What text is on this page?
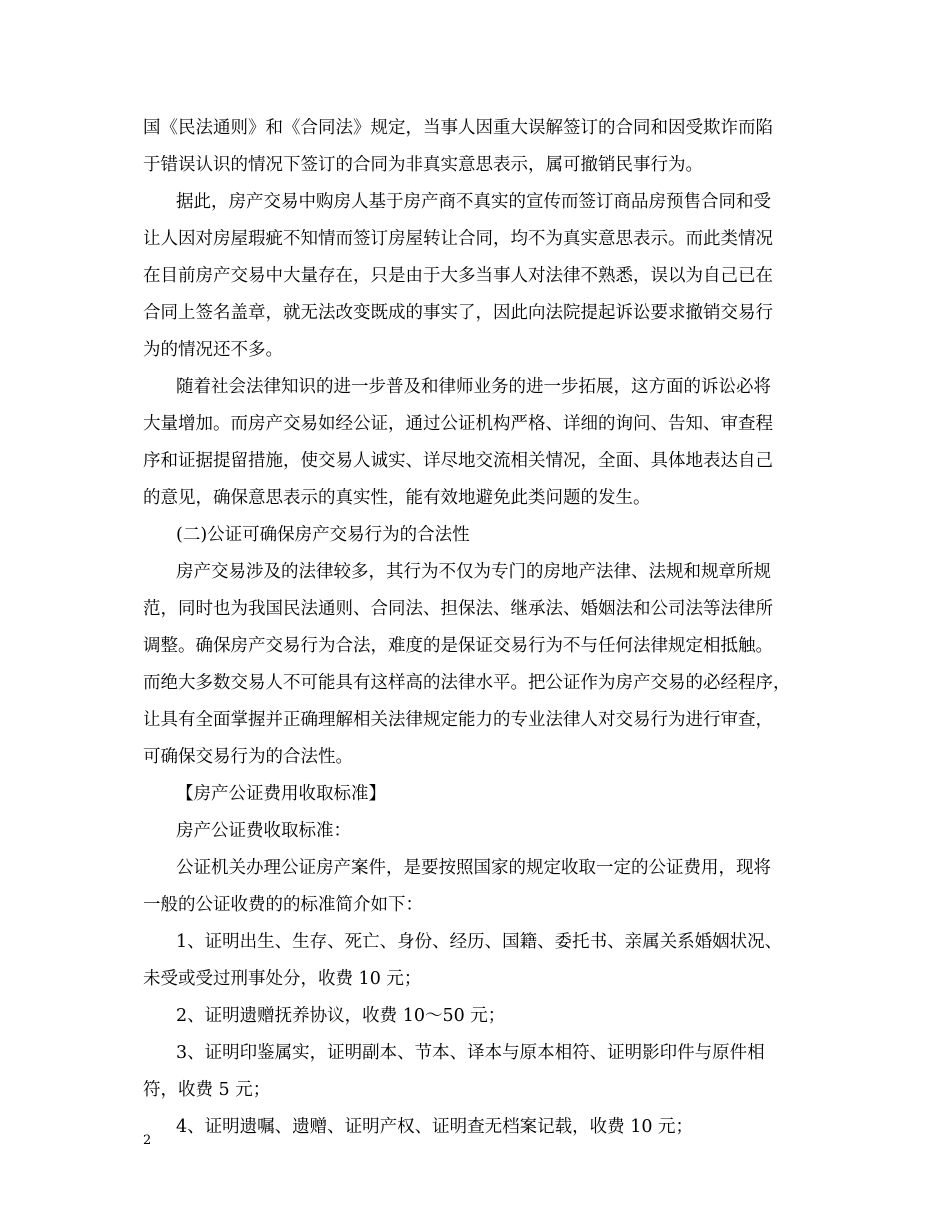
国《民法通则》和《合同法》规定，当事人因重大误解签订的合同和因受欺诈而陷
于错误认识的情况下签订的合同为非真实意思表示，属可撤销民事行为。
据此，房产交易中购房人基于房产商不真实的宣传而签订商品房预售合同和受
让人因对房屋瑕疵不知情而签订房屋转让合同，均不为真实意思表示。而此类情况
在目前房产交易中大量存在，只是由于大多当事人对法律不熟悉，误以为自己已在
合同上签名盖章，就无法改变既成的事实了，因此向法院提起诉讼要求撤销交易行
为的情况还不多。
随着社会法律知识的进一步普及和律师业务的进一步拓展，这方面的诉讼必将
大量增加。而房产交易如经公证，通过公证机构严格、详细的询问、告知、审查程
序和证据提留措施，使交易人诚实、详尽地交流相关情况，全面、具体地表达自己
的意见，确保意思表示的真实性，能有效地避免此类问题的发生。
(二)公证可确保房产交易行为的合法性
房产交易涉及的法律较多，其行为不仅为专门的房地产法律、法规和规章所规
范，同时也为我国民法通则、合同法、担保法、继承法、婚姻法和公司法等法律所
调整。确保房产交易行为合法，难度的是保证交易行为不与任何法律规定相抵触。
而绝大多数交易人不可能具有这样高的法律水平。把公证作为房产交易的必经程序，
让具有全面掌握并正确理解相关法律规定能力的专业法律人对交易行为进行审查，
可确保交易行为的合法性。
【房产公证费用收取标准】
房产公证费收取标准：
公证机关办理公证房产案件，是要按照国家的规定收取一定的公证费用，现将
一般的公证收费的的标准简介如下：
1、证明出生、生存、死亡、身份、经历、国籍、委托书、亲属关系婚姻状况、
未受或受过刑事处分，收费 10 元；
2、证明遗赠抚养协议，收费 10～50 元；
3、证明印鉴属实，证明副本、节本、译本与原本相符、证明影印件与原件相
符，收费 5 元；
4、证明遗嘱、遗赠、证明产权、证明查无档案记载，收费 10 元；
2
